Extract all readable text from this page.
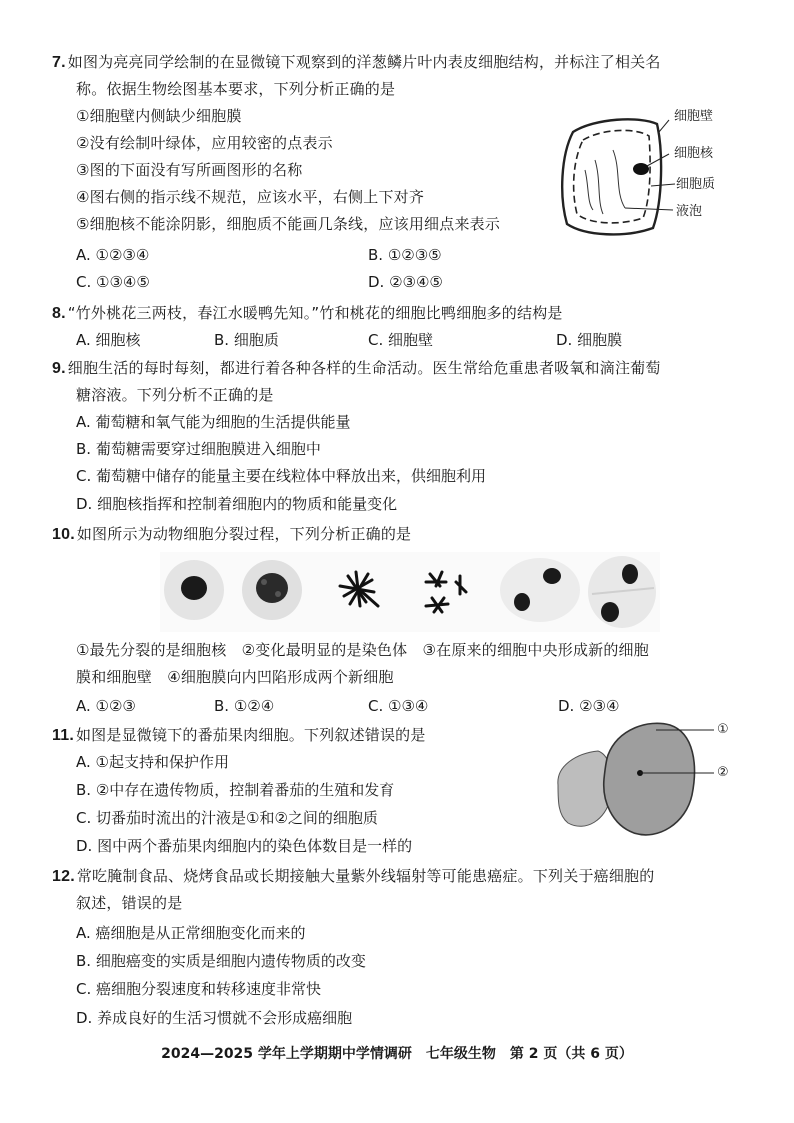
7. 如图为亮亮同学绘制的在显微镜下观察到的洋葱鳞片叶内表皮细胞结构，并标注了相关名
称。依据生物绘图基本要求，下列分析正确的是
①细胞壁内侧缺少细胞膜
②没有绘制叶绿体，应用较密的点表示
③图的下面没有写所画图形的名称
④图右侧的指示线不规范，应该水平，右侧上下对齐
⑤细胞核不能涂阴影，细胞质不能画几条线，应该用细点来表示
A. ①②③④	B. ①②③⑤
C. ①③④⑤	D. ②③④⑤
细胞壁
细胞核
细胞质
液泡
8. “竹外桃花三两枝，春江水暖鸭先知。”竹和桃花的细胞比鸭细胞多的结构是
A. 细胞核	B. 细胞质	C. 细胞壁	D. 细胞膜
9. 细胞生活的每时每刻，都进行着各种各样的生命活动。医生常给危重患者吸氧和滴注葡萄
糖溶液。下列分析不正确的是
A. 葡萄糖和氧气能为细胞的生活提供能量
B. 葡萄糖需要穿过细胞膜进入细胞中
C. 葡萄糖中储存的能量主要在线粒体中释放出来，供细胞利用
D. 细胞核指挥和控制着细胞内的物质和能量变化
10. 如图所示为动物细胞分裂过程，下列分析正确的是
①最先分裂的是细胞核　②变化最明显的是染色体　③在原来的细胞中央形成新的细胞
膜和细胞壁　④细胞膜向内凹陷形成两个新细胞
A. ①②③	B. ①②④	C. ①③④	D. ②③④
11. 如图是显微镜下的番茄果肉细胞。下列叙述错误的是
A. ①起支持和保护作用
B. ②中存在遗传物质，控制着番茄的生殖和发育
C. 切番茄时流出的汁液是①和②之间的细胞质
D. 图中两个番茄果肉细胞内的染色体数目是一样的
①
②
12. 常吃腌制食品、烧烤食品或长期接触大量紫外线辐射等可能患癌症。下列关于癌细胞的
叙述，错误的是
A. 癌细胞是从正常细胞变化而来的
B. 细胞癌变的实质是细胞内遗传物质的改变
C. 癌细胞分裂速度和转移速度非常快
D. 养成良好的生活习惯就不会形成癌细胞
2024—2025 学年上学期期中学情调研　七年级生物　第 2 页（共 6 页）
